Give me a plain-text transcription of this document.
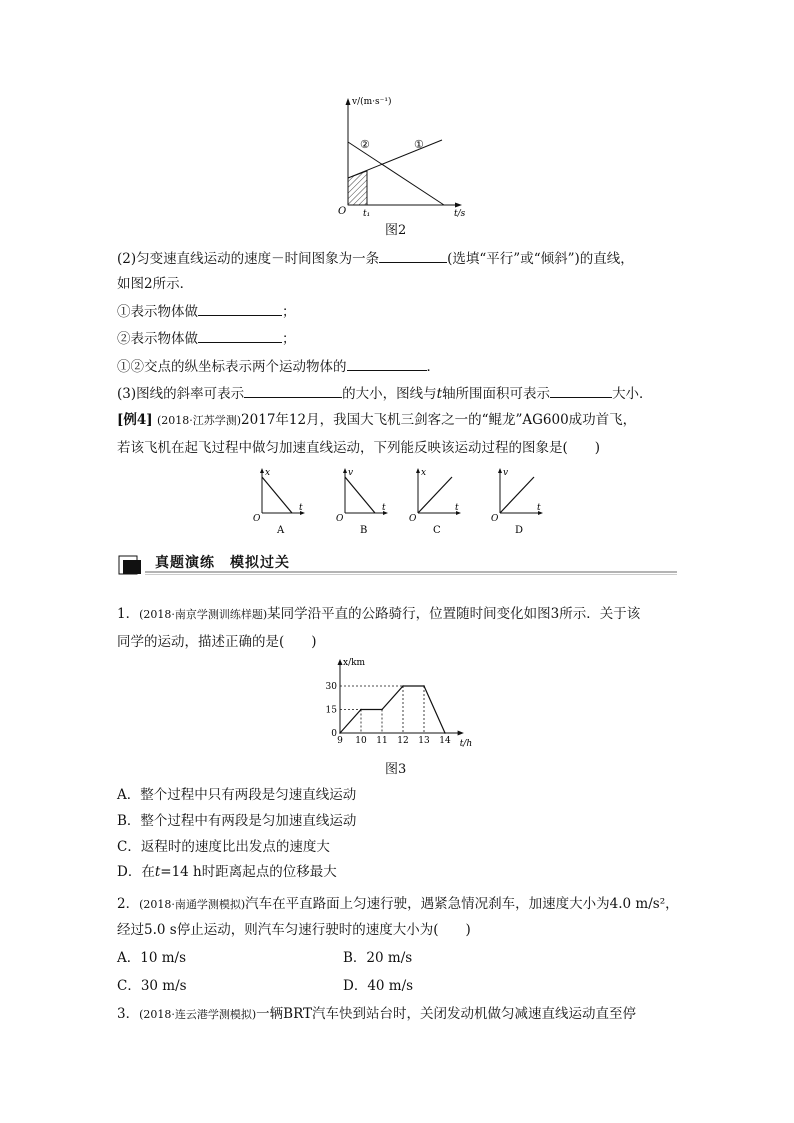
v/(m·s⁻¹)
t/s
O t₁
①
②
图2
(2)匀变速直线运动的速度－时间图象为一条	(选填“平行”或“倾斜”)的直线，
如图2所示．
①表示物体做	；
②表示物体做	；
①②交点的纵坐标表示两个运动物体的	．
(3)图线的斜率可表示	的大小，图线与t轴所围面积可表示	大小．
[例4] (2018·江苏学测)2017年12月，我国大飞机三剑客之一的“鲲龙”AG600成功首飞，
若该飞机在起飞过程中做匀加速直线运动，下列能反映该运动过程的图象是(　　)
x
t
O
A
v
t
O
B
x
t
O
C
v
t
O
D
真题演练　模拟过关
1．(2018·南京学测训练样题)某同学沿平直的公路骑行，位置随时间变化如图3所示．关于该
同学的运动，描述正确的是(　　)
30
15
0
9 10 11 12 13 14
x/km
t/h
图3
A．整个过程中只有两段是匀速直线运动
B．整个过程中有两段是匀加速直线运动
C．返程时的速度比出发点的速度大
D．在t=14 h时距离起点的位移最大
2．(2018·南通学测模拟)汽车在平直路面上匀速行驶，遇紧急情况刹车，加速度大小为4.0 m/s²，
经过5.0 s停止运动，则汽车匀速行驶时的速度大小为(　　)
A．10 m/s	B．20 m/s
C．30 m/s	D．40 m/s
3．(2018·连云港学测模拟)一辆BRT汽车快到站台时，关闭发动机做匀减速直线运动直至停
